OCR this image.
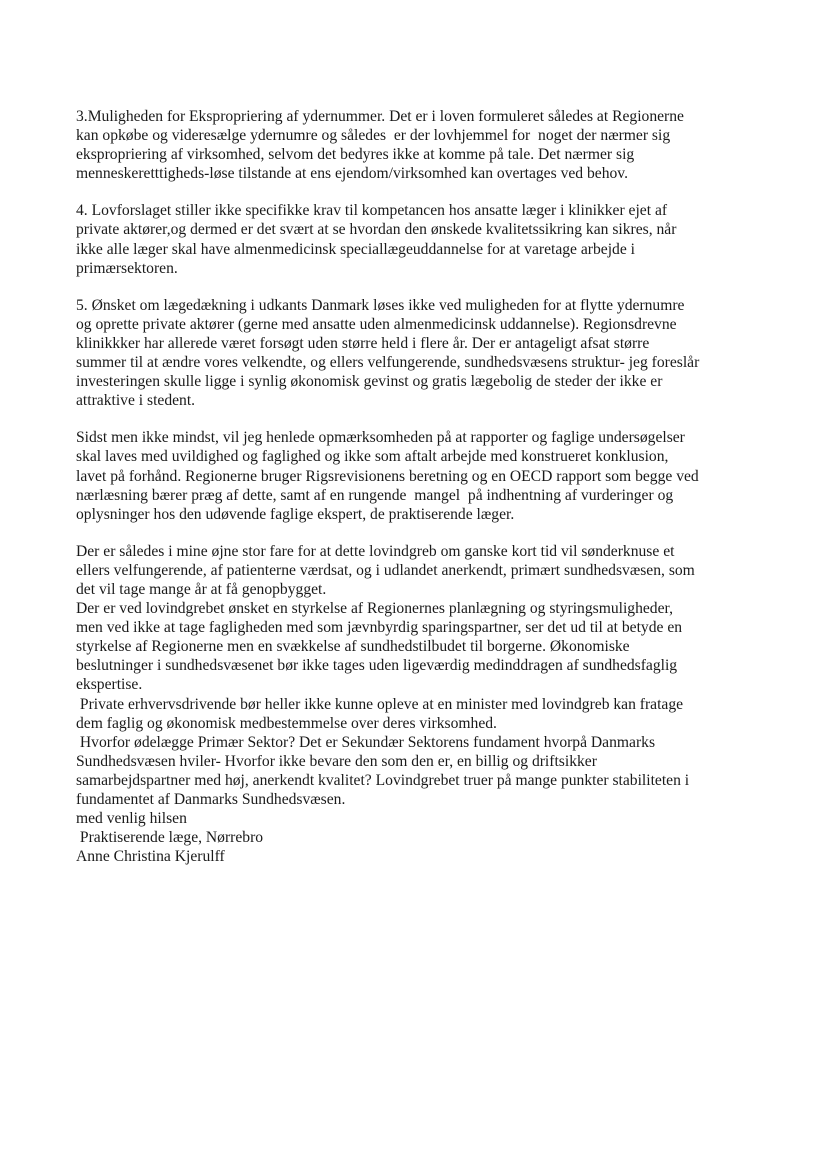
3.Muligheden for Ekspropriering af ydernummer. Det er i loven formuleret således at Regionerne
kan opkøbe og videresælge ydernumre og således  er der lovhjemmel for  noget der nærmer sig
ekspropriering af virksomhed, selvom det bedyres ikke at komme på tale. Det nærmer sig
menneskeretttigheds-løse tilstande at ens ejendom/virksomhed kan overtages ved behov.
4. Lovforslaget stiller ikke specifikke krav til kompetancen hos ansatte læger i klinikker ejet af
private aktører,og dermed er det svært at se hvordan den ønskede kvalitetssikring kan sikres, når
ikke alle læger skal have almenmedicinsk speciallægeuddannelse for at varetage arbejde i
primærsektoren.
5. Ønsket om lægedækning i udkants Danmark løses ikke ved muligheden for at flytte ydernumre
og oprette private aktører (gerne med ansatte uden almenmedicinsk uddannelse). Regionsdrevne
klinikkker har allerede været forsøgt uden større held i flere år. Der er antageligt afsat større
summer til at ændre vores velkendte, og ellers velfungerende, sundhedsvæsens struktur- jeg foreslår
investeringen skulle ligge i synlig økonomisk gevinst og gratis lægebolig de steder der ikke er
attraktive i stedent.
Sidst men ikke mindst, vil jeg henlede opmærksomheden på at rapporter og faglige undersøgelser
skal laves med uvildighed og faglighed og ikke som aftalt arbejde med konstrueret konklusion,
lavet på forhånd. Regionerne bruger Rigsrevisionens beretning og en OECD rapport som begge ved
nærlæsning bærer præg af dette, samt af en rungende  mangel  på indhentning af vurderinger og
oplysninger hos den udøvende faglige ekspert, de praktiserende læger.
Der er således i mine øjne stor fare for at dette lovindgreb om ganske kort tid vil sønderknuse et
ellers velfungerende, af patienterne værdsat, og i udlandet anerkendt, primært sundhedsvæsen, som
det vil tage mange år at få genopbygget.
Der er ved lovindgrebet ønsket en styrkelse af Regionernes planlægning og styringsmuligheder,
men ved ikke at tage fagligheden med som jævnbyrdig sparingspartner, ser det ud til at betyde en
styrkelse af Regionerne men en svækkelse af sundhedstilbudet til borgerne. Økonomiske
beslutninger i sundhedsvæsenet bør ikke tages uden ligeværdig medinddragen af sundhedsfaglig
ekspertise.
Private erhvervsdrivende bør heller ikke kunne opleve at en minister med lovindgreb kan fratage
dem faglig og økonomisk medbestemmelse over deres virksomhed.
Hvorfor ødelægge Primær Sektor? Det er Sekundær Sektorens fundament hvorpå Danmarks
Sundhedsvæsen hviler- Hvorfor ikke bevare den som den er, en billig og driftsikker
samarbejdspartner med høj, anerkendt kvalitet? Lovindgrebet truer på mange punkter stabiliteten i
fundamentet af Danmarks Sundhedsvæsen.
med venlig hilsen
Praktiserende læge, Nørrebro
Anne Christina Kjerulff
